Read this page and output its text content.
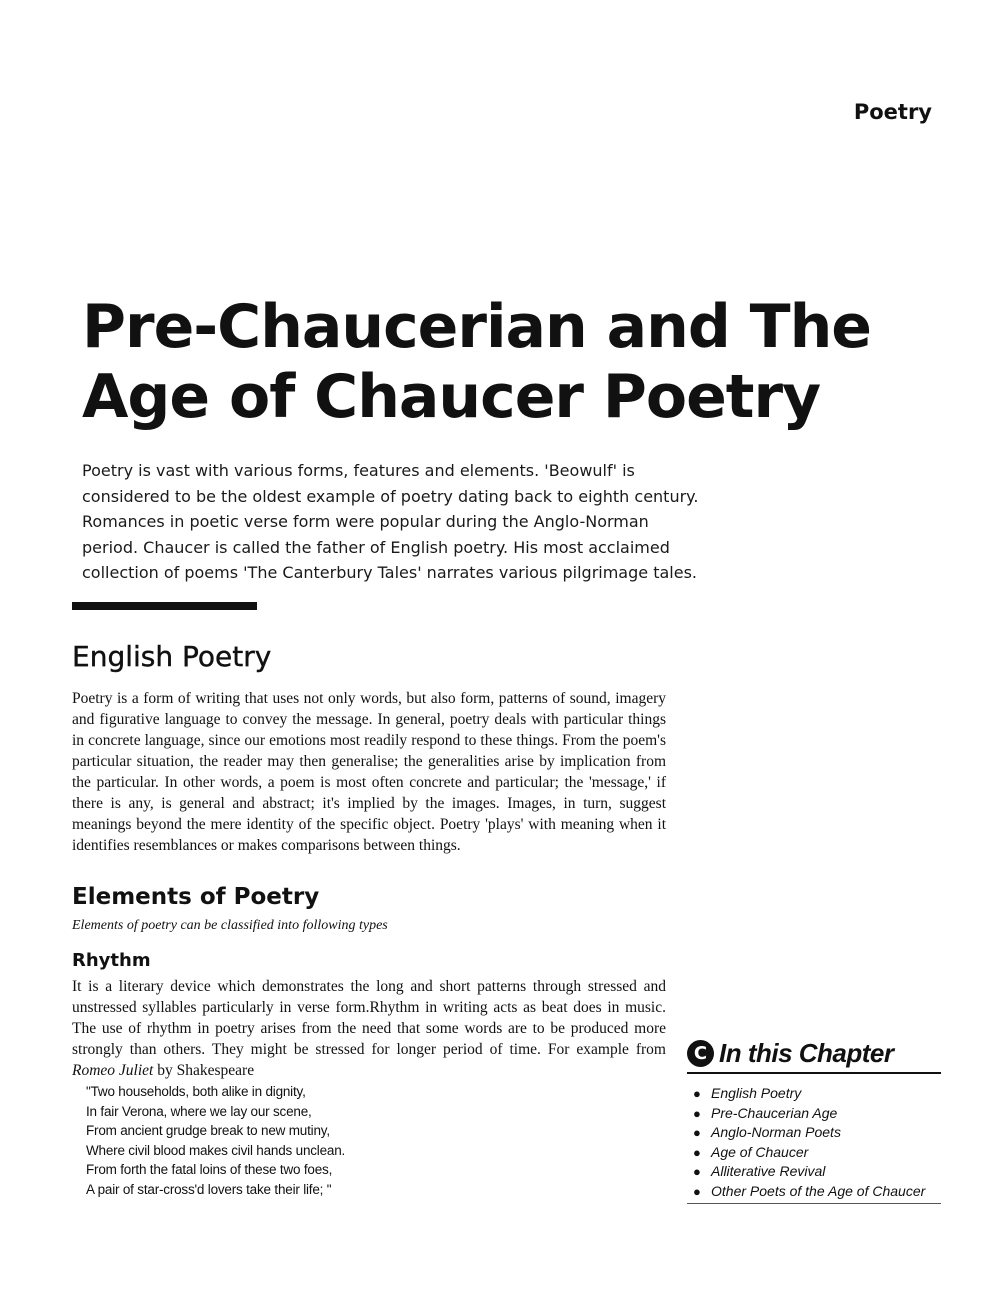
Poetry
Pre-Chaucerian and The
Age of Chaucer Poetry

Poetry is vast with various forms, features and elements. 'Beowulf' is considered to be the oldest example of poetry dating back to eighth century. Romances in poetic verse form were popular during the Anglo-Norman period. Chaucer is called the father of English poetry. His most acclaimed collection of poems 'The Canterbury Tales' narrates various pilgrimage tales.

English Poetry

Poetry is a form of writing that uses not only words, but also form, patterns of sound, imagery and figurative language to convey the message. In general, poetry deals with particular things in concrete language, since our emotions most readily respond to these things. From the poem's particular situation, the reader may then generalise; the generalities arise by implication from the particular. In other words, a poem is most often concrete and particular; the 'message,' if there is any, is general and abstract; it's implied by the images. Images, in turn, suggest meanings beyond the mere identity of the specific object. Poetry 'plays' with meaning when it identifies resemblances or makes comparisons between things.

Elements of Poetry
Elements of poetry can be classified into following types
Rhythm

It is a literary device which demonstrates the long and short patterns through stressed and unstressed syllables particularly in verse form.Rhythm in writing acts as beat does in music. The use of rhythm in poetry arises from the need that some words are to be produced more strongly than others. They might be stressed for longer period of time. For example from Romeo Juliet by Shakespeare

"Two households, both alike in dignity,
In fair Verona, where we lay our scene,
From ancient grudge break to new mutiny,
Where civil blood makes civil hands unclean.
From forth the fatal loins of these two foes,
A pair of star-cross'd lovers take their life; "
C In this Chapter
● English Poetry
● Pre-Chaucerian Age
● Anglo-Norman Poets
● Age of Chaucer
● Alliterative Revival
● Other Poets of the Age of Chaucer
